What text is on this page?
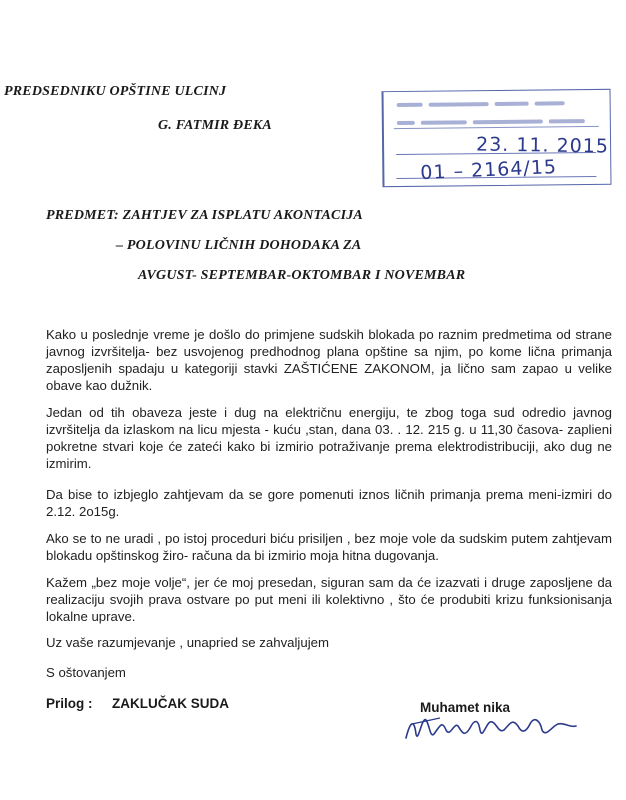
PREDSEDNIKU OPŠTINE ULCINJ
G. FATMIR ĐEKA

23. 11. 2015
01 – 2164/15
PREDMET: ZAHTJEV ZA ISPLATU AKONTACIJA
– POLOVINU LIČNIH DOHODAKA ZA
AVGUST- SEPTEMBAR-OKTOMBAR I NOVEMBAR
Kako u poslednje vreme je došlo do primjene sudskih blokada po raznim predmetima od strane javnog izvršitelja- bez usvojenog predhodnog plana opštine sa njim, po kome lična primanja zaposljenih spadaju u kategoriji stavki ZAŠTIĆENE ZAKONOM, ja lično sam zapao u velike obave kao dužnik.
Jedan od tih obaveza jeste i dug na električnu energiju, te zbog toga sud odredio javnog izvršitelja da izlaskom na licu mjesta - kuću ,stan, dana 03. . 12. 215 g. u 11,30 časova- zaplieni pokretne stvari koje će zateći kako bi izmirio potraživanje prema elektrodistribuciji, ako dug ne izmirim.
Da bise to izbjeglo zahtjevam da se gore pomenuti iznos ličnih primanja prema meni-izmiri do 2.12. 2o15g.
Ako se to ne uradi , po istoj proceduri biću prisiljen , bez moje vole da sudskim putem zahtjevam blokadu opštinskog žiro- računa da bi izmirio moja hitna dugovanja.
Kažem „bez moje volje“, jer će moj presedan, siguran sam da će izazvati i druge zaposljene da realizaciju svojih prava ostvare po put meni ili kolektivno , što će produbiti krizu funksionisanja lokalne uprave.
Uz vaše razumjevanje , unapried se zahvaljujem
S oštovanjem
Prilog : ZAKLUČAK SUDA	Muhamet nika
